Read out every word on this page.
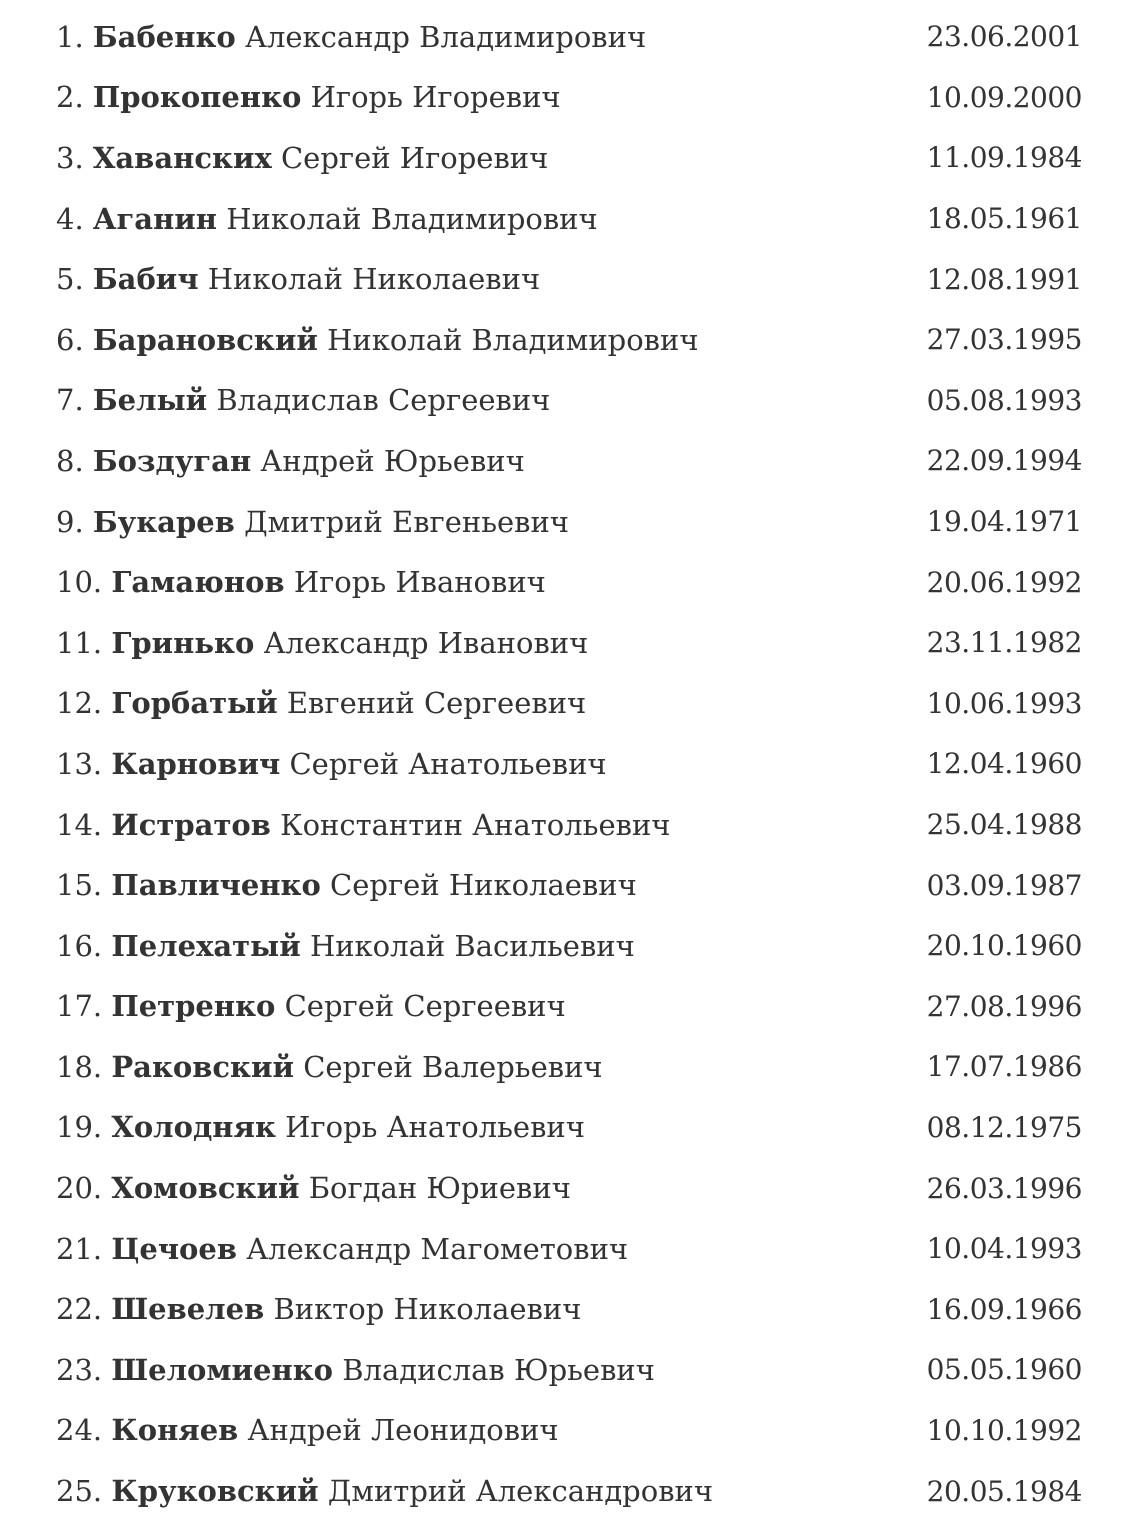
1. Бабенко Александр Владимирович	23.06.2001
2. Прокопенко Игорь Игоревич	10.09.2000
3. Хаванских Сергей Игоревич	11.09.1984
4. Аганин Николай Владимирович	18.05.1961
5. Бабич Николай Николаевич	12.08.1991
6. Барановский Николай Владимирович	27.03.1995
7. Белый Владислав Сергеевич	05.08.1993
8. Боздуган Андрей Юрьевич	22.09.1994
9. Букарев Дмитрий Евгеньевич	19.04.1971
10. Гамаюнов Игорь Иванович	20.06.1992
11. Гринько Александр Иванович	23.11.1982
12. Горбатый Евгений Сергеевич	10.06.1993
13. Карнович Сергей Анатольевич	12.04.1960
14. Истратов Константин Анатольевич	25.04.1988
15. Павличенко Сергей Николаевич	03.09.1987
16. Пелехатый Николай Васильевич	20.10.1960
17. Петренко Сергей Сергеевич	27.08.1996
18. Раковский Сергей Валерьевич	17.07.1986
19. Холодняк Игорь Анатольевич	08.12.1975
20. Хомовский Богдан Юриевич	26.03.1996
21. Цечоев Александр Магометович	10.04.1993
22. Шевелев Виктор Николаевич	16.09.1966
23. Шеломиенко Владислав Юрьевич	05.05.1960
24. Коняев Андрей Леонидович	10.10.1992
25. Круковский Дмитрий Александрович	20.05.1984
